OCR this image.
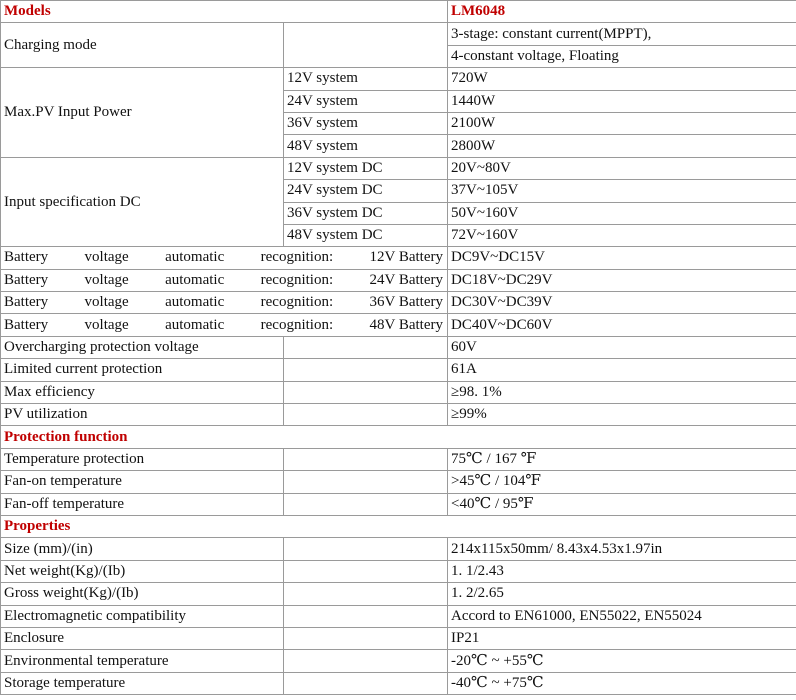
Models		LM6048
Charging mode		3-stage: constant current(MPPT),
		4-constant voltage, Floating
Max.PV Input Power	12V system	720W
	24V system	1440W
	36V system	2100W
	48V system	2800W
Input specification DC	12V system DC	20V~80V
	24V system DC	37V~105V
	36V system DC	50V~160V
	48V system DC	72V~160V

Battery voltage automatic recognition: 12V Battery		DC9V~DC15V

Battery voltage automatic recognition: 24V Battery		DC18V~DC29V

Battery voltage automatic recognition: 36V Battery		DC30V~DC39V

Battery voltage automatic recognition: 48V Battery		DC40V~DC60V
Overcharging protection voltage		60V
Limited current protection		61A
Max efficiency		≥98. 1%
PV utilization		≥99%
Protection function		
Temperature protection		75℃ / 167 ℉
Fan-on temperature		>45℃ / 104℉
Fan-off temperature		<40℃ / 95℉
Properties		
Size (mm)/(in)		214x115x50mm/ 8.43x4.53x1.97in
Net weight(Kg)/(Ib)		1. 1/2.43
Gross weight(Kg)/(Ib)		1. 2/2.65
Electromagnetic compatibility		Accord to EN61000, EN55022, EN55024
Enclosure		IP21
Environmental temperature		-20℃ ~ +55℃
Storage temperature		-40℃ ~ +75℃
